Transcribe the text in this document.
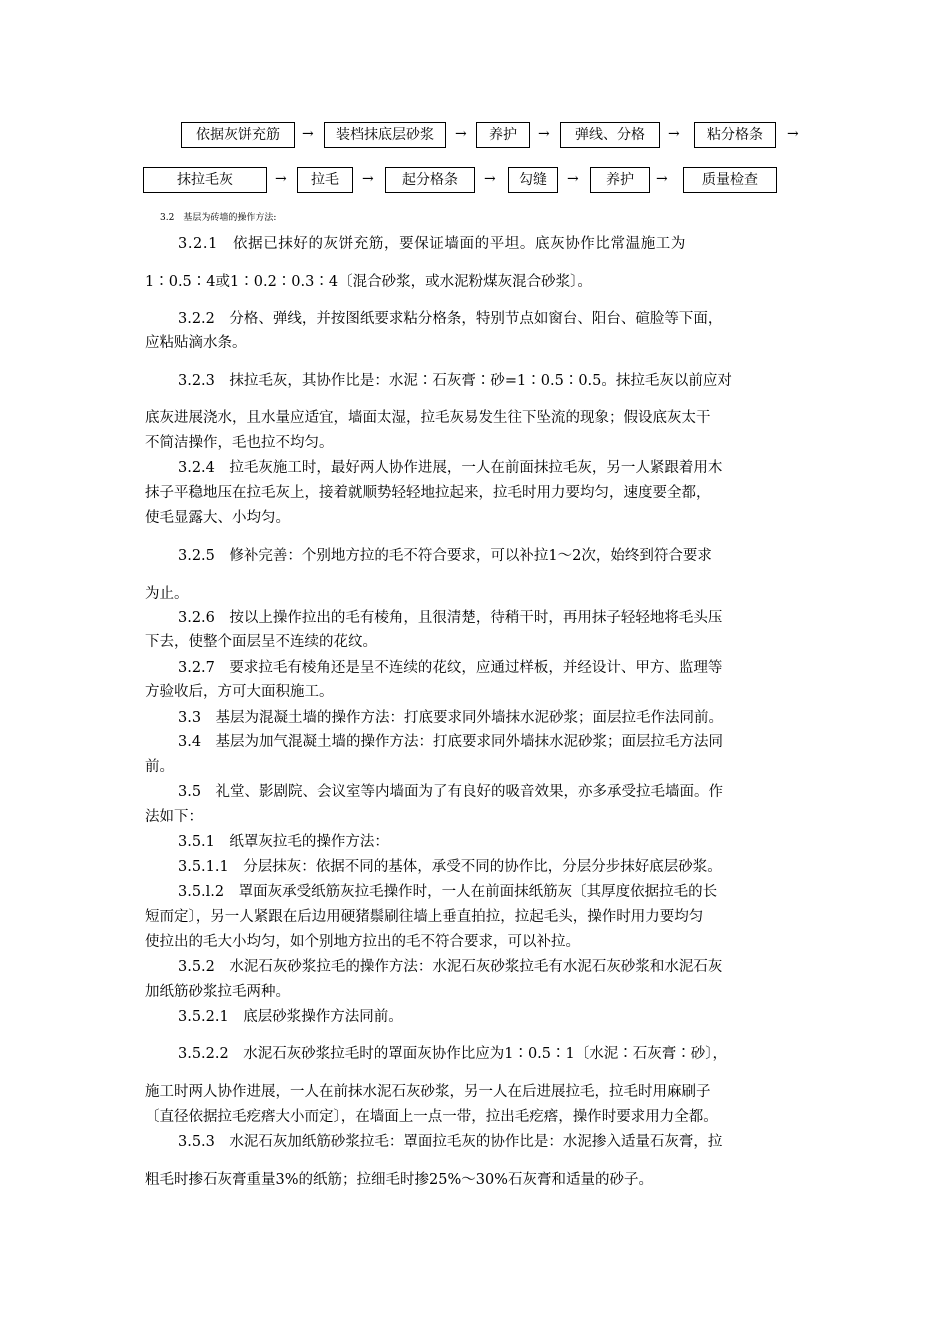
依据灰饼充筋	→	装档抹底层砂浆	→	养护	→	弹线、分格	→	粘分格条	→
抹拉毛灰	→	拉毛	→	起分格条	→	勾缝	→	养护	→	质量检查
3.2　基层为砖墙的操作方法:
3.2.1　依据已抹好的灰饼充筋，要保证墙面的平坦。底灰协作比常温施工为
1∶0.5∶4或1∶0.2∶0.3∶4〔混合砂浆，或水泥粉煤灰混合砂浆〕。
3.2.2　分格、弹线，并按图纸要求粘分格条，特别节点如窗台、阳台、碹脸等下面，
应粘贴滴水条。
3.2.3　抹拉毛灰，其协作比是：水泥∶石灰膏∶砂=1∶0.5∶0.5。抹拉毛灰以前应对
底灰进展浇水，且水量应适宜，墙面太湿，拉毛灰易发生往下坠流的现象；假设底灰太干
不简洁操作，毛也拉不均匀。
3.2.4　拉毛灰施工时，最好两人协作进展，一人在前面抹拉毛灰，另一人紧跟着用木
抹子平稳地压在拉毛灰上，接着就顺势轻轻地拉起来，拉毛时用力要均匀，速度要全都，
使毛显露大、小均匀。
3.2.5　修补完善：个别地方拉的毛不符合要求，可以补拉1～2次，始终到符合要求
为止。
3.2.6　按以上操作拉出的毛有棱角，且很清楚，待稍干时，再用抹子轻轻地将毛头压
下去，使整个面层呈不连续的花纹。
3.2.7　要求拉毛有棱角还是呈不连续的花纹，应通过样板，并经设计、甲方、监理等
方验收后，方可大面积施工。
3.3　基层为混凝土墙的操作方法：打底要求同外墙抹水泥砂浆；面层拉毛作法同前。
3.4　基层为加气混凝土墙的操作方法：打底要求同外墙抹水泥砂浆；面层拉毛方法同
前。
3.5　礼堂、影剧院、会议室等内墙面为了有良好的吸音效果，亦多承受拉毛墙面。作
法如下：
3.5.1　纸罩灰拉毛的操作方法：
3.5.1.1　分层抹灰：依据不同的基体，承受不同的协作比，分层分步抹好底层砂浆。
3.5.l.2　罩面灰承受纸筋灰拉毛操作时，一人在前面抹纸筋灰〔其厚度依据拉毛的长
短而定〕，另一人紧跟在后边用硬猪鬃刷往墙上垂直拍拉，拉起毛头，操作时用力要均匀
使拉出的毛大小均匀，如个别地方拉出的毛不符合要求，可以补拉。
3.5.2　水泥石灰砂浆拉毛的操作方法：水泥石灰砂浆拉毛有水泥石灰砂浆和水泥石灰
加纸筋砂浆拉毛两种。
3.5.2.1　底层砂浆操作方法同前。
3.5.2.2　水泥石灰砂浆拉毛时的罩面灰协作比应为1∶0.5∶1〔水泥∶石灰膏∶砂〕，
施工时两人协作进展，一人在前抹水泥石灰砂浆，另一人在后进展拉毛，拉毛时用麻刷子
〔直径依据拉毛疙瘩大小而定〕，在墙面上一点一带，拉出毛疙瘩，操作时要求用力全都。
3.5.3　水泥石灰加纸筋砂浆拉毛：罩面拉毛灰的协作比是：水泥掺入适量石灰膏，拉
粗毛时掺石灰膏重量3%的纸筋；拉细毛时掺25%～30%石灰膏和适量的砂子。
